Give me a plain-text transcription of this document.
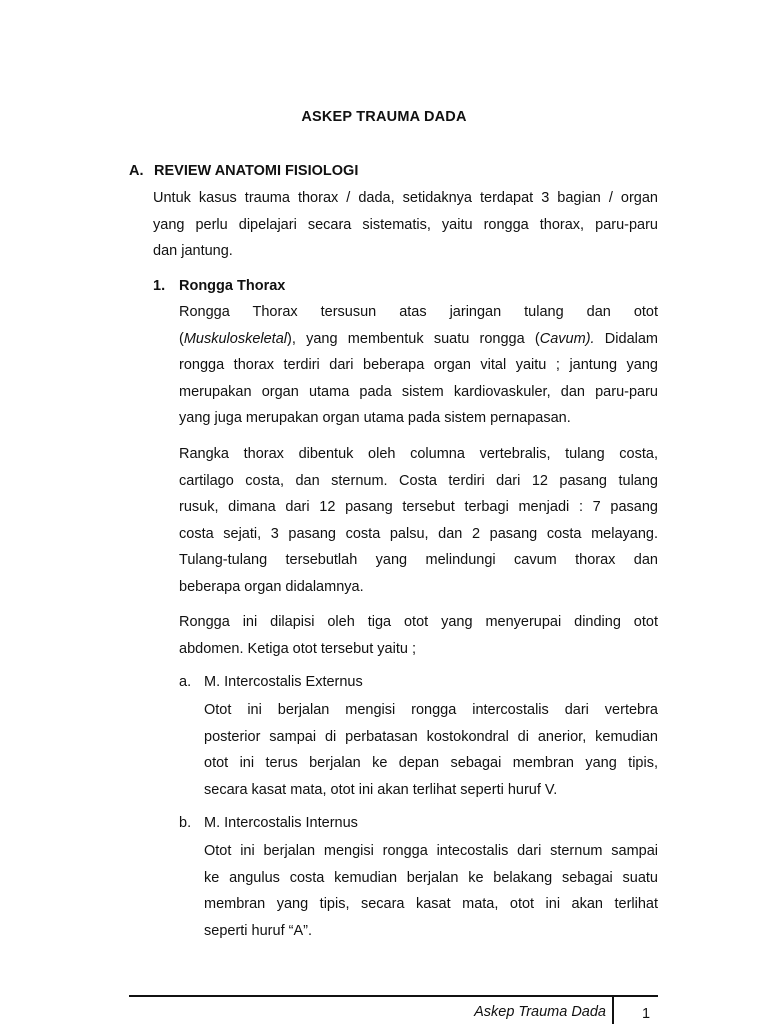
ASKEP TRAUMA DADA
A. REVIEW ANATOMI FISIOLOGI
Untuk kasus trauma thorax / dada, setidaknya terdapat 3 bagian / organ
yang perlu dipelajari secara sistematis, yaitu rongga thorax, paru-paru
dan jantung.
1. Rongga Thorax
Rongga Thorax tersusun atas jaringan tulang dan otot
(Muskuloskeletal), yang membentuk suatu rongga (Cavum). Didalam
rongga thorax terdiri dari beberapa organ vital yaitu ; jantung yang
merupakan organ utama pada sistem kardiovaskuler, dan paru-paru
yang juga merupakan organ utama pada sistem pernapasan.
Rangka thorax dibentuk oleh columna vertebralis, tulang costa,
cartilago costa, dan sternum. Costa terdiri dari 12 pasang tulang
rusuk, dimana dari 12 pasang tersebut terbagi menjadi : 7 pasang
costa sejati, 3 pasang costa palsu, dan 2 pasang costa melayang.
Tulang-tulang tersebutlah yang melindungi cavum thorax dan
beberapa organ didalamnya.
Rongga ini dilapisi oleh tiga otot yang menyerupai dinding otot
abdomen. Ketiga otot tersebut yaitu ;
a. M. Intercostalis Externus
Otot ini berjalan mengisi rongga intercostalis dari vertebra
posterior sampai di perbatasan kostokondral di anerior, kemudian
otot ini terus berjalan ke depan sebagai membran yang tipis,
secara kasat mata, otot ini akan terlihat seperti huruf V.
b. M. Intercostalis Internus
Otot ini berjalan mengisi rongga intecostalis dari sternum sampai
ke angulus costa kemudian berjalan ke belakang sebagai suatu
membran yang tipis, secara kasat mata, otot ini akan terlihat
seperti huruf “A”.
Askep Trauma Dada 1
